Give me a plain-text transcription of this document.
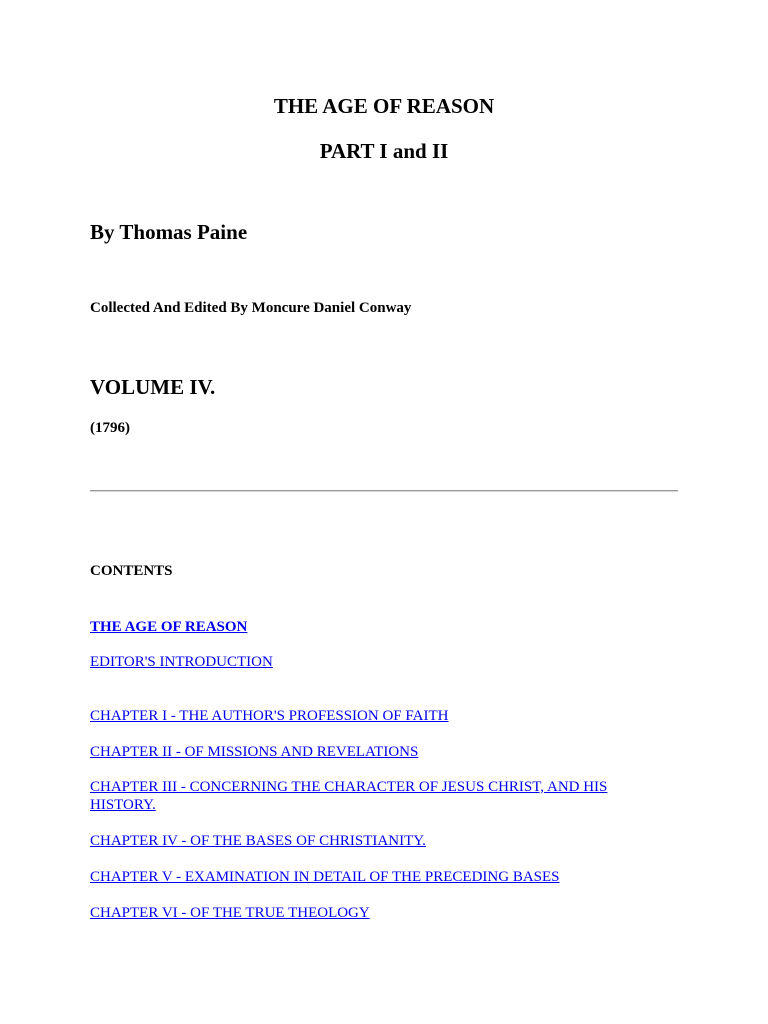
THE AGE OF REASON
PART I and II
By Thomas Paine
Collected And Edited By Moncure Daniel Conway
VOLUME IV.
(1796)
CONTENTS
THE AGE OF REASON
EDITOR'S INTRODUCTION
CHAPTER I - THE AUTHOR'S PROFESSION OF FAITH
CHAPTER II - OF MISSIONS AND REVELATIONS
CHAPTER III - CONCERNING THE CHARACTER OF JESUS CHRIST, AND HIS HISTORY.
CHAPTER IV - OF THE BASES OF CHRISTIANITY.
CHAPTER V - EXAMINATION IN DETAIL OF THE PRECEDING BASES
CHAPTER VI - OF THE TRUE THEOLOGY
